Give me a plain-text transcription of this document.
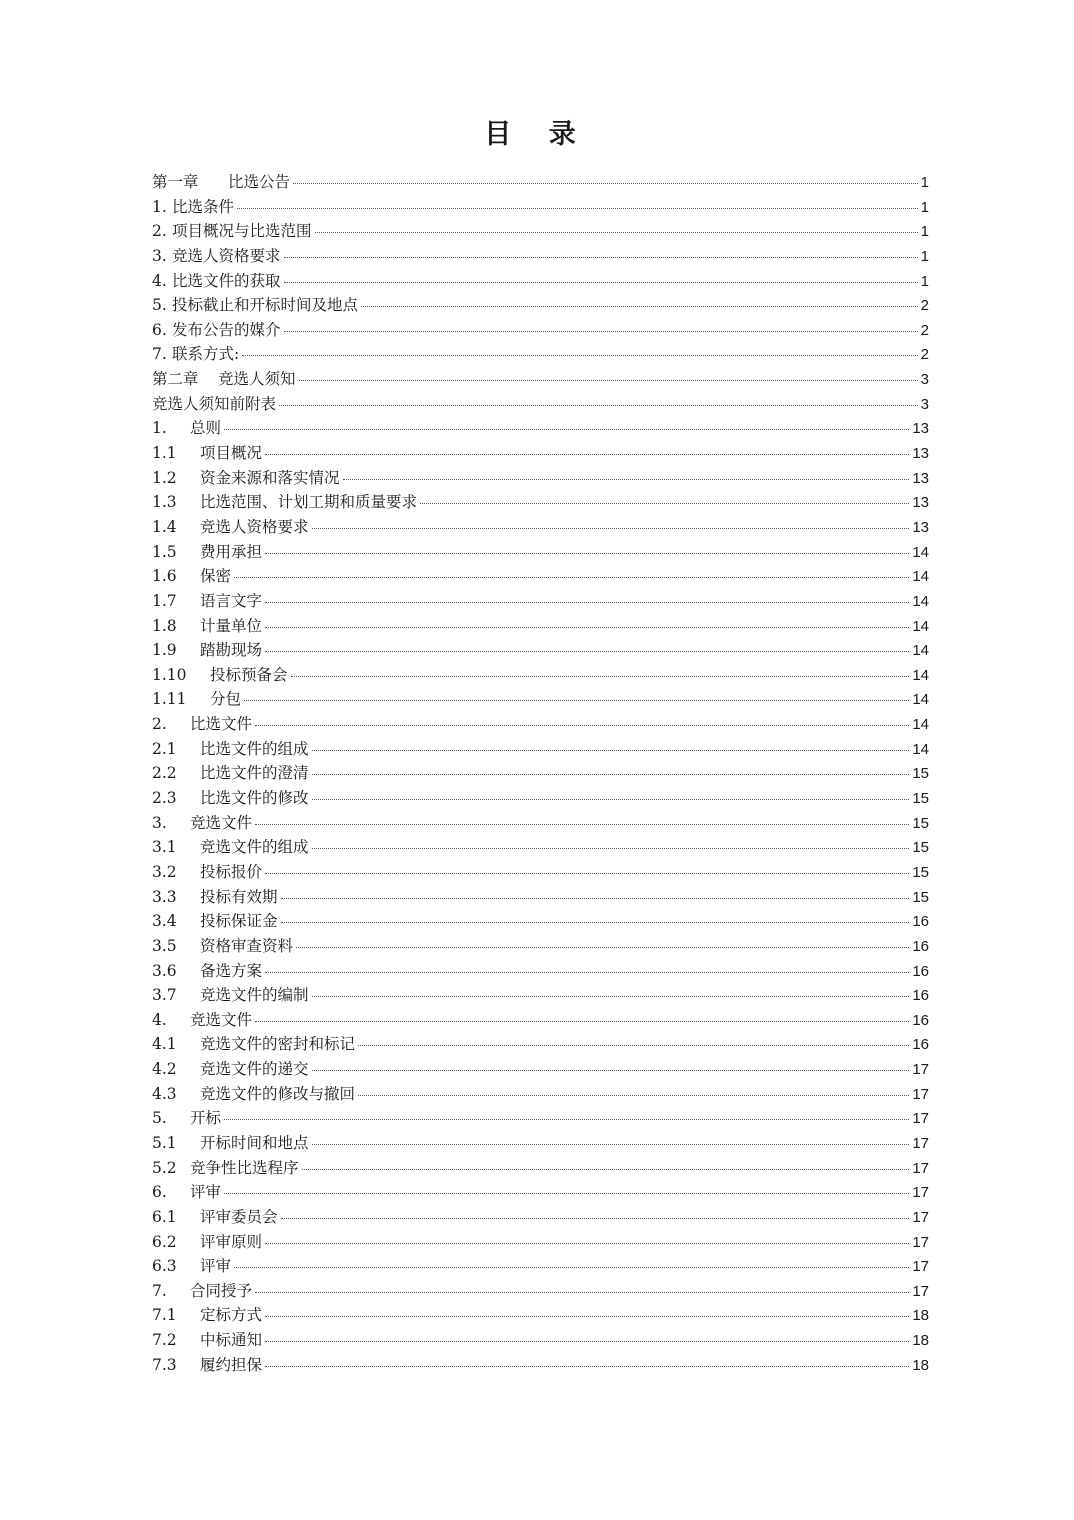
目 录
第一章	比选公告	1
1. 比选条件	1
2. 项目概况与比选范围	1
3. 竞选人资格要求	1
4. 比选文件的获取	1
5. 投标截止和开标时间及地点	2
6. 发布公告的媒介	2
7. 联系方式:	2
第二章	竞选人须知	3
竞选人须知前附表	3
1.	总则	13
1.1	项目概况	13
1.2	资金来源和落实情况	13
1.3	比选范围、计划工期和质量要求	13
1.4	竞选人资格要求	13
1.5	费用承担	14
1.6	保密	14
1.7	语言文字	14
1.8	计量单位	14
1.9	踏勘现场	14
1.10	投标预备会	14
1.11	分包	14
2.	比选文件	14
2.1	比选文件的组成	14
2.2	比选文件的澄清	15
2.3	比选文件的修改	15
3.	竞选文件	15
3.1	竞选文件的组成	15
3.2	投标报价	15
3.3	投标有效期	15
3.4	投标保证金	16
3.5	资格审查资料	16
3.6	备选方案	16
3.7	竞选文件的编制	16
4.	竞选文件	16
4.1	竞选文件的密封和标记	16
4.2	竞选文件的递交	17
4.3	竞选文件的修改与撤回	17
5.	开标	17
5.1	开标时间和地点	17
5.2 竞争性比选程序	17
6.	评审	17
6.1	评审委员会	17
6.2	评审原则	17
6.3	评审	17
7.	合同授予	17
7.1	定标方式	18
7.2	中标通知	18
7.3	履约担保	18
